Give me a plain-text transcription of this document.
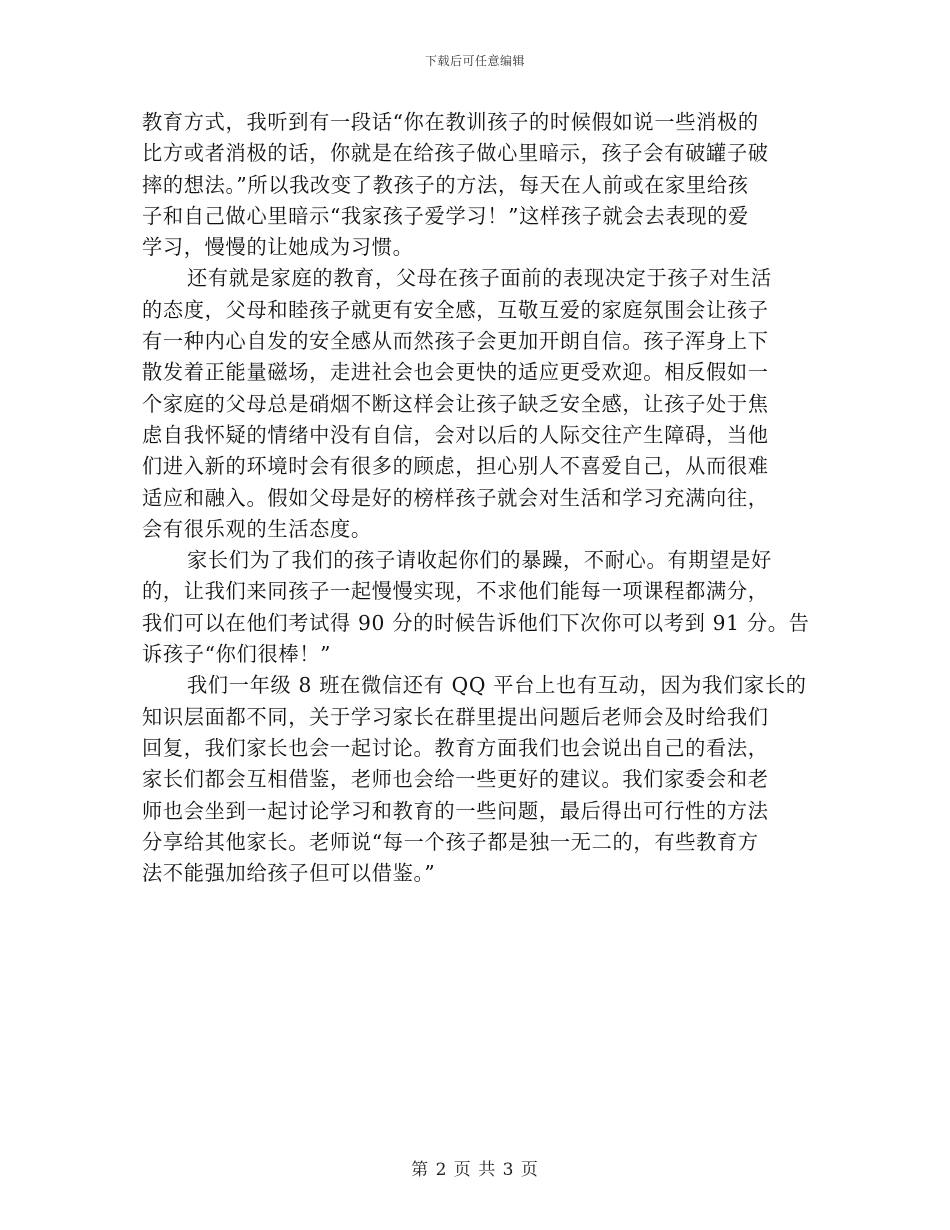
下载后可任意编辑
教育方式，我听到有一段话“你在教训孩子的时候假如说一些消极的
比方或者消极的话，你就是在给孩子做心里暗示，孩子会有破罐子破
摔的想法。”所以我改变了教孩子的方法，每天在人前或在家里给孩
子和自己做心里暗示“我家孩子爱学习！”这样孩子就会去表现的爱
学习，慢慢的让她成为习惯。
还有就是家庭的教育，父母在孩子面前的表现决定于孩子对生活
的态度，父母和睦孩子就更有安全感，互敬互爱的家庭氛围会让孩子
有一种内心自发的安全感从而然孩子会更加开朗自信。孩子浑身上下
散发着正能量磁场，走进社会也会更快的适应更受欢迎。相反假如一
个家庭的父母总是硝烟不断这样会让孩子缺乏安全感，让孩子处于焦
虑自我怀疑的情绪中没有自信，会对以后的人际交往产生障碍，当他
们进入新的环境时会有很多的顾虑，担心别人不喜爱自己，从而很难
适应和融入。假如父母是好的榜样孩子就会对生活和学习充满向往，
会有很乐观的生活态度。
家长们为了我们的孩子请收起你们的暴躁，不耐心。有期望是好
的，让我们来同孩子一起慢慢实现，不求他们能每一项课程都满分，
我们可以在他们考试得 90 分的时候告诉他们下次你可以考到 91 分。告
诉孩子“你们很棒！”
我们一年级 8 班在微信还有 QQ 平台上也有互动，因为我们家长的
知识层面都不同，关于学习家长在群里提出问题后老师会及时给我们
回复，我们家长也会一起讨论。教育方面我们也会说出自己的看法，
家长们都会互相借鉴，老师也会给一些更好的建议。我们家委会和老
师也会坐到一起讨论学习和教育的一些问题，最后得出可行性的方法
分享给其他家长。老师说“每一个孩子都是独一无二的，有些教育方
法不能强加给孩子但可以借鉴。”
第 2 页 共 3 页
